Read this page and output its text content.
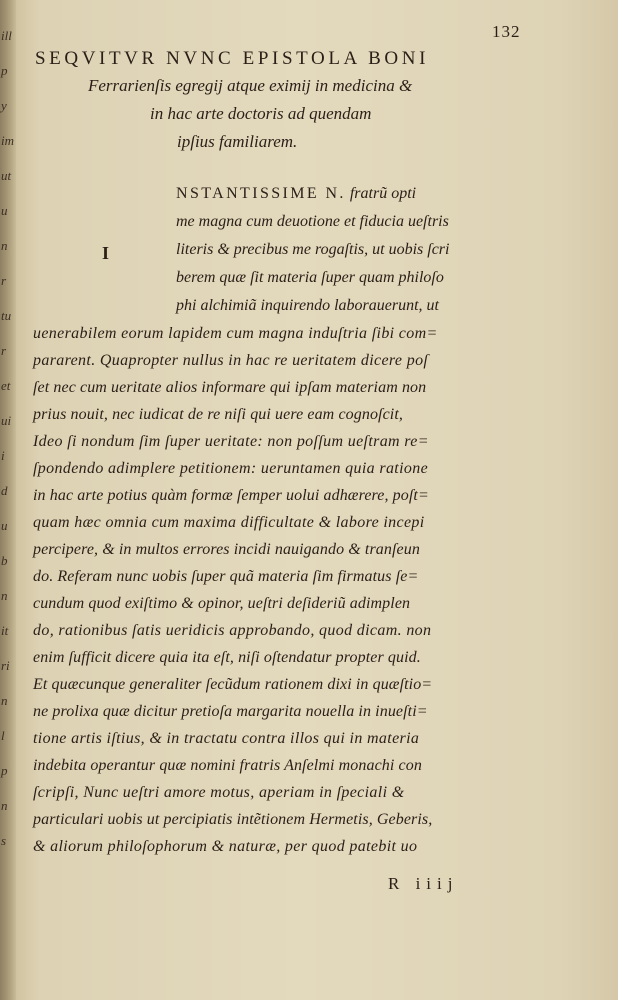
ill
p
y
im
ut
u
n
r
tu
r
et
ui
i
d
u
b
n
it
ri
n
l
p
n
s
132
SEQVITVR NVNC EPISTOLA BONI
Ferrarienſis egregij atque eximij in medicina &
in hac arte doctoris ad quendam
ipſius familiarem.
I
NSTANTISSIME N. fratrũ opti
me magna cum deuotione et fiducia ueſtris
literis & precibus me rogaſtis, ut uobis ſcri
berem quæ ſit materia ſuper quam philoſo
phi alchimiã inquirendo laborauerunt, ut
uenerabilem eorum lapidem cum magna induſtria ſibi com=
pararent. Quapropter nullus in hac re ueritatem dicere poſ
ſet nec cum ueritate alios informare qui ipſam materiam non
prius nouit, nec iudicat de re niſi qui uere eam cognoſcit,
Ideo ſi nondum ſim ſuper ueritate: non poſſum ueſtram re=
ſpondendo adimplere petitionem: ueruntamen quia ratione
in hac arte potius quàm formæ ſemper uolui adhærere, poſt=
quam hæc omnia cum maxima difficultate & labore incepi
percipere, & in multos errores incidi nauigando & tranſeun
do. Referam nunc uobis ſuper quã materia ſim firmatus ſe=
cundum quod exiſtimo & opinor, ueſtri deſideriũ adimplen
do, rationibus ſatis ueridicis approbando, quod dicam. non
enim ſufficit dicere quia ita eſt, niſi oſtendatur propter quid.
Et quæcunque generaliter ſecũdum rationem dixi in quæſtio=
ne prolixa quæ dicitur pretioſa margarita nouella in inueſti=
tione artis iſtius, & in tractatu contra illos qui in materia
indebita operantur quæ nomini fratris Anſelmi monachi con
ſcripſi, Nunc ueſtri amore motus, aperiam in ſpeciali &
particulari uobis ut percipiatis intẽtionem Hermetis, Geberis,
& aliorum philoſophorum & naturæ, per quod patebit uo
R iiij
